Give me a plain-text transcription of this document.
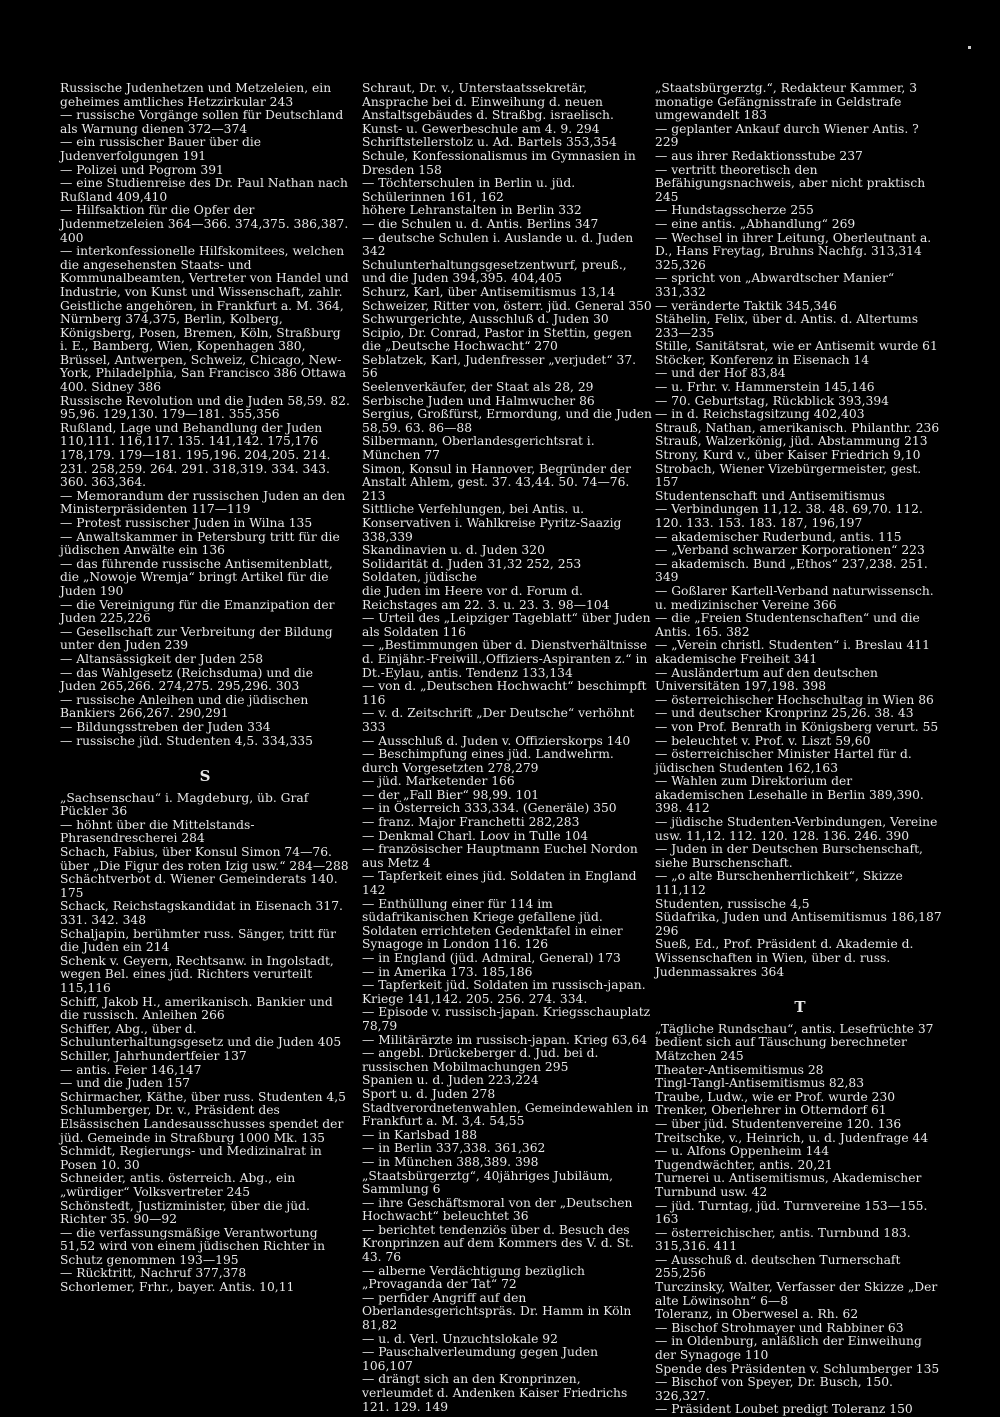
Russische Judenhetzen und Metzeleien, ein geheimes amtliches Hetzzirkular 243

— russische Vorgänge sollen für Deutschland als Warnung dienen 372—374

— ein russischer Bauer über die Judenverfolgungen 191

— Polizei und Pogrom 391

— eine Studienreise des Dr. Paul Nathan nach Rußland 409,410

— Hilfsaktion für die Opfer der Judenmetzeleien 364—366. 374,375. 386,387. 400

— interkonfessionelle Hilfskomitees, welchen die angesehensten Staats- und Kommunalbeamten, Vertreter von Handel und Industrie, von Kunst und Wissenschaft, zahlr. Geistliche angehören, in Frankfurt a. M. 364, Nürnberg 374,375, Berlin, Kolberg, Königsberg, Posen, Bremen, Köln, Straßburg i. E., Bamberg, Wien, Kopenhagen 380, Brüssel, Antwerpen, Schweiz, Chicago, New-York, Philadelphia, San Francisco 386 Ottawa 400. Sidney 386

Russische Revolution und die Juden 58,59. 82. 95,96. 129,130. 179—181. 355,356

Rußland, Lage und Behandlung der Juden 110,111. 116,117. 135. 141,142. 175,176 178,179. 179—181. 195,196. 204,205. 214. 231. 258,259. 264. 291. 318,319. 334. 343. 360. 363,364.

— Memorandum der russischen Juden an den Ministerpräsidenten 117—119

— Protest russischer Juden in Wilna 135

— Anwaltskammer in Petersburg tritt für die jüdischen Anwälte ein 136

— das führende russische Antisemitenblatt, die „Nowoje Wremja“ bringt Artikel für die Juden 190

— die Vereinigung für die Emanzipation der Juden 225,226

— Gesellschaft zur Verbreitung der Bildung unter den Juden 239

— Altansässigkeit der Juden 258

— das Wahlgesetz (Reichsduma) und die Juden 265,266. 274,275. 295,296. 303

— russische Anleihen und die jüdischen Bankiers 266,267. 290,291

— Bildungsstreben der Juden 334

— russische jüd. Studenten 4,5. 334,335

S

„Sachsenschau“ i. Magdeburg, üb. Graf Pückler 36

— höhnt über die Mittelstands-Phrasendrescherei 284

Schach, Fabius, über Konsul Simon 74—76. über „Die Figur des roten Izig usw.“ 284—288

Schächtverbot d. Wiener Gemeinderats 140. 175

Schack, Reichstagskandidat in Eisenach 317. 331. 342. 348

Schaljapin, berühmter russ. Sänger, tritt für die Juden ein 214

Schenk v. Geyern, Rechtsanw. in Ingolstadt, wegen Bel. eines jüd. Richters verurteilt 115,116

Schiff, Jakob H., amerikanisch. Bankier und die russisch. Anleihen 266

Schiffer, Abg., über d. Schulunterhaltungsgesetz und die Juden 405

Schiller, Jahrhundertfeier 137

— antis. Feier 146,147

— und die Juden 157

Schirmacher, Käthe, über russ. Studenten 4,5

Schlumberger, Dr. v., Präsident des Elsässischen Landesausschusses spendet der jüd. Gemeinde in Straßburg 1000 Mk. 135

Schmidt, Regierungs- und Medizinalrat in Posen 10. 30

Schneider, antis. österreich. Abg., ein „würdiger“ Volksvertreter 245

Schönstedt, Justizminister, über die jüd. Richter 35. 90—92

— die verfassungsmäßige Verantwortung 51,52 wird von einem jüdischen Richter in Schutz genommen 193—195

— Rücktritt, Nachruf 377,378

Schorlemer, Frhr., bayer. Antis. 10,11

Schraut, Dr. v., Unterstaatssekretär, Ansprache bei d. Einweihung d. neuen Anstaltsgebäudes d. Straßbg. israelisch. Kunst- u. Gewerbeschule am 4. 9. 294

Schriftstellerstolz u. Ad. Bartels 353,354

Schule, Konfessionalismus im Gymnasien in Dresden 158

— Töchterschulen in Berlin u. jüd. Schülerinnen 161, 162

höhere Lehranstalten in Berlin 332

— die Schulen u. d. Antis. Berlins 347

— deutsche Schulen i. Auslande u. d. Juden 342

Schulunterhaltungsgesetzentwurf, preuß., und die Juden 394,395. 404,405

Schurz, Karl, über Antisemitismus 13,14

Schweizer, Ritter von, österr. jüd. General 350

Schwurgerichte, Ausschluß d. Juden 30

Scipio, Dr. Conrad, Pastor in Stettin, gegen die „Deutsche Hochwacht“ 270

Seblatzek, Karl, Judenfresser „verjudet“ 37. 56

Seelenverkäufer, der Staat als 28, 29

Serbische Juden und Halmwucher 86

Sergius, Großfürst, Ermordung, und die Juden 58,59. 63. 86—88

Silbermann, Oberlandesgerichtsrat i. München 77

Simon, Konsul in Hannover, Begründer der Anstalt Ahlem, gest. 37. 43,44. 50. 74—76. 213

Sittliche Verfehlungen, bei Antis. u. Konservativen i. Wahlkreise Pyritz-Saazig 338,339

Skandinavien u. d. Juden 320

Solidarität d. Juden 31,32 252, 253

Soldaten, jüdische

die Juden im Heere vor d. Forum d. Reichstages am 22. 3. u. 23. 3. 98—104

— Urteil des „Leipziger Tageblatt“ über Juden als Soldaten 116

— „Bestimmungen über d. Dienstverhältnisse d. Einjähr.-Freiwill.,Offiziers-Aspiranten z.“ in Dt.-Eylau, antis. Tendenz 133,134

— von d. „Deutschen Hochwacht“ beschimpft 116

— v. d. Zeitschrift „Der Deutsche“ verhöhnt 333

— Ausschluß d. Juden v. Offizierskorps 140

— Beschimpfung eines jüd. Landwehrm. durch Vorgesetzten 278,279

— jüd. Marketender 166

— der „Fall Bier“ 98,99. 101

— in Österreich 333,334. (Generäle) 350

— franz. Major Franchetti 282,283

— Denkmal Charl. Loov in Tulle 104

— französischer Hauptmann Euchel Nordon aus Metz 4

— Tapferkeit eines jüd. Soldaten in England 142

— Enthüllung einer für 114 im südafrikanischen Kriege gefallene jüd. Soldaten errichteten Gedenktafel in einer Synagoge in London 116. 126

— in England (jüd. Admiral, General) 173

— in Amerika 173. 185,186

— Tapferkeit jüd. Soldaten im russisch-japan. Kriege 141,142. 205. 256. 274. 334.

— Episode v. russisch-japan. Kriegsschauplatz 78,79

— Militärärzte im russisch-japan. Krieg 63,64

— angebl. Drückeberger d. Jud. bei d. russischen Mobilmachungen 295

Spanien u. d. Juden 223,224

Sport u. d. Juden 278

Stadtverordnetenwahlen, Gemeindewahlen in Frankfurt a. M. 3,4. 54,55

— in Karlsbad 188

— in Berlin 337,338. 361,362

— in München 388,389. 398

„Staatsbürgerztg“, 40jähriges Jubiläum, Sammlung 6

— ihre Geschäftsmoral von der „Deutschen Hochwacht“ beleuchtet 36

— berichtet tendenziös über d. Besuch des Kronprinzen auf dem Kommers des V. d. St. 43. 76

— alberne Verdächtigung bezüglich „Provaganda der Tat“ 72

— perfider Angriff auf den Oberlandesgerichtspräs. Dr. Hamm in Köln 81,82

— u. d. Verl. Unzuchtslokale 92

— Pauschalverleumdung gegen Juden 106,107

— drängt sich an den Kronprinzen, verleumdet d. Andenken Kaiser Friedrichs 121. 129. 149

„Staatsbürgerztg.“, Redakteur Kammer, 3 monatige Gefängnisstrafe in Geldstrafe umgewandelt 183

— geplanter Ankauf durch Wiener Antis. ? 229

— aus ihrer Redaktionsstube 237

— vertritt theoretisch den Befähigungsnachweis, aber nicht praktisch 245

— Hundstagsscherze 255

— eine antis. „Abhandlung“ 269

— Wechsel in ihrer Leitung, Oberleutnant a. D., Hans Freytag, Bruhns Nachfg. 313,314 325,326

— spricht von „Abwardtscher Manier“ 331,332

— veränderte Taktik 345,346

Stähelin, Felix, über d. Antis. d. Altertums 233—235

Stille, Sanitätsrat, wie er Antisemit wurde 61

Stöcker, Konferenz in Eisenach 14

— und der Hof 83,84

— u. Frhr. v. Hammerstein 145,146

— 70. Geburtstag, Rückblick 393,394

— in d. Reichstagsitzung 402,403

Strauß, Nathan, amerikanisch. Philanthr. 236

Strauß, Walzerkönig, jüd. Abstammung 213

Strony, Kurd v., über Kaiser Friedrich 9,10

Strobach, Wiener Vizebürgermeister, gest. 157

Studentenschaft und Antisemitismus

— Verbindungen 11,12. 38. 48. 69,70. 112. 120. 133. 153. 183. 187, 196,197

— akademischer Ruderbund, antis. 115

— „Verband schwarzer Korporationen“ 223

— akademisch. Bund „Ethos“ 237,238. 251. 349

— Goßlarer Kartell-Verband naturwissensch. u. medizinischer Vereine 366

— die „Freien Studentenschaften“ und die Antis. 165. 382

— „Verein christl. Studenten“ i. Breslau 411 akademische Freiheit 341

— Ausländertum auf den deutschen Universitäten 197,198. 398

— österreichischer Hochschultag in Wien 86

— und deutscher Kronprinz 25,26. 38. 43

— von Prof. Benrath in Königsberg verurt. 55

— beleuchtet v. Prof. v. Liszt 59,60

— österreichischer Minister Hartel für d. jüdischen Studenten 162,163

— Wahlen zum Direktorium der akademischen Lesehalle in Berlin 389,390. 398. 412

— jüdische Studenten-Verbindungen, Vereine usw. 11,12. 112. 120. 128. 136. 246. 390

— Juden in der Deutschen Burschenschaft, siehe Burschenschaft.

— „o alte Burschenherrlichkeit“, Skizze 111,112

Studenten, russische 4,5

Südafrika, Juden und Antisemitismus 186,187 296

Sueß, Ed., Prof. Präsident d. Akademie d. Wissenschaften in Wien, über d. russ. Judenmassakres 364

T

„Tägliche Rundschau“, antis. Lesefrüchte 37 bedient sich auf Täuschung berechneter Mätzchen 245

Theater-Antisemitismus 28

Tingl-Tangl-Antisemitismus 82,83

Traube, Ludw., wie er Prof. wurde 230

Trenker, Oberlehrer in Otterndorf 61

— über jüd. Studentenvereine 120. 136

Treitschke, v., Heinrich, u. d. Judenfrage 44

— u. Alfons Oppenheim 144

Tugendwächter, antis. 20,21

Turnerei u. Antisemitismus, Akademischer Turnbund usw. 42

— jüd. Turntag, jüd. Turnvereine 153—155. 163

— österreichischer, antis. Turnbund 183. 315,316. 411

— Ausschuß d. deutschen Turnerschaft 255,256

Turczinsky, Walter, Verfasser der Skizze „Der alte Löwinsohn“ 6—8

Toleranz, in Oberwesel a. Rh. 62

— Bischof Strohmayer und Rabbiner 63

— in Oldenburg, anläßlich der Einweihung der Synagoge 110

Spende des Präsidenten v. Schlumberger 135

— Bischof von Speyer, Dr. Busch, 150. 326,327.

— Präsident Loubet predigt Toleranz 150
